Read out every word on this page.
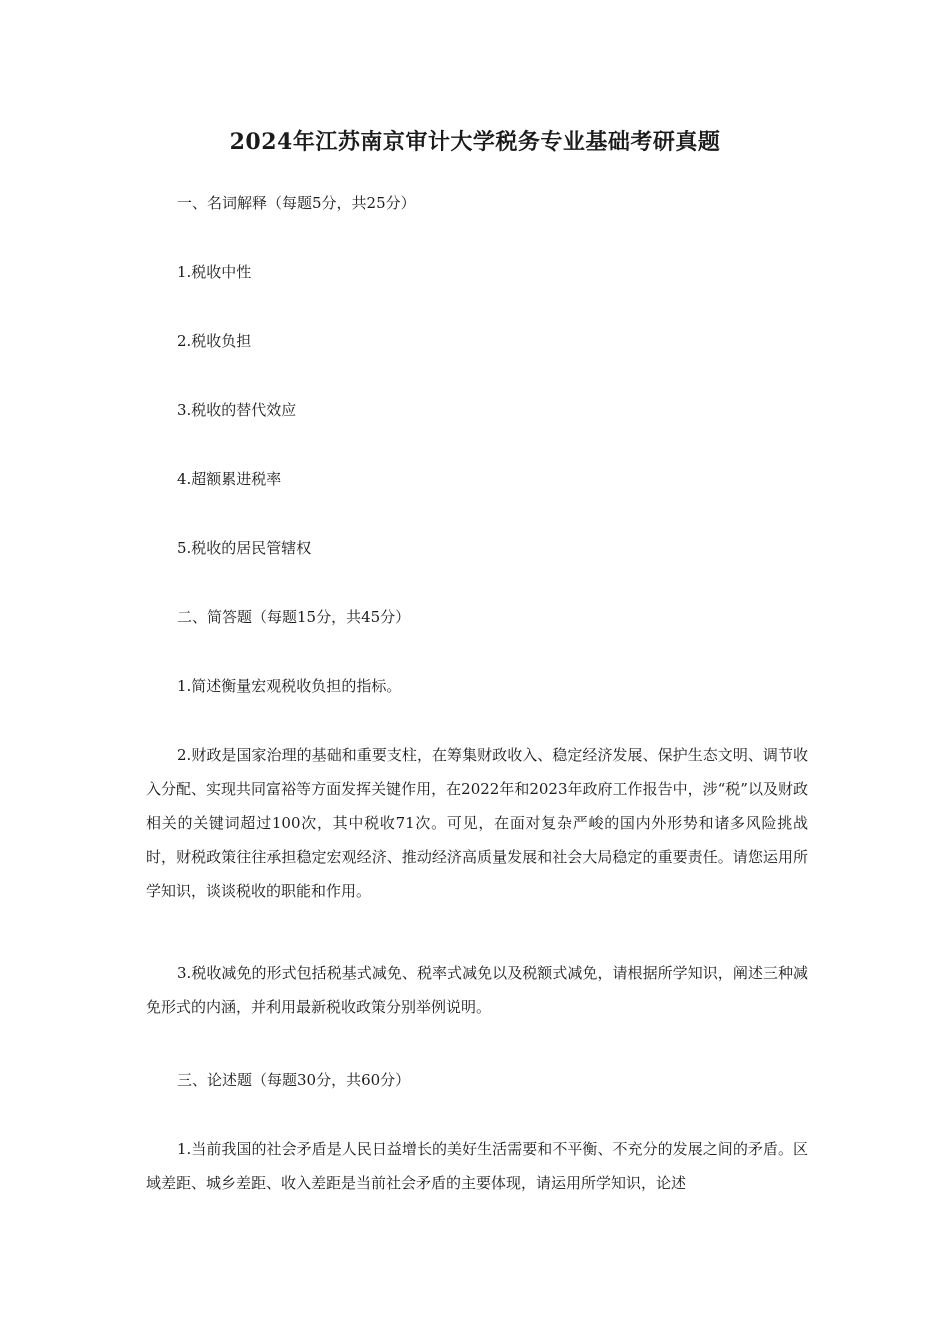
2024年江苏南京审计大学税务专业基础考研真题

一、名词解释（每题5分，共25分）

1.税收中性

2.税收负担

3.税收的替代效应

4.超额累进税率

5.税收的居民管辖权

二、简答题（每题15分，共45分）

1.简述衡量宏观税收负担的指标。

2.财政是国家治理的基础和重要支柱，在筹集财政收入、稳定经济发展、保护生态文明、调节收入分配、实现共同富裕等方面发挥关键作用，在2022年和2023年政府工作报告中，涉“税”以及财政相关的关键词超过100次，其中税收71次。可见，在面对复杂严峻的国内外形势和诸多风险挑战时，财税政策往往承担稳定宏观经济、推动经济高质量发展和社会大局稳定的重要责任。请您运用所学知识，谈谈税收的职能和作用。

3.税收减免的形式包括税基式减免、税率式减免以及税额式减免，请根据所学知识，阐述三种减免形式的内涵，并利用最新税收政策分别举例说明。

三、论述题（每题30分，共60分）

1.当前我国的社会矛盾是人民日益增长的美好生活需要和不平衡、不充分的发展之间的矛盾。区域差距、城乡差距、收入差距是当前社会矛盾的主要体现，请运用所学知识，论述
